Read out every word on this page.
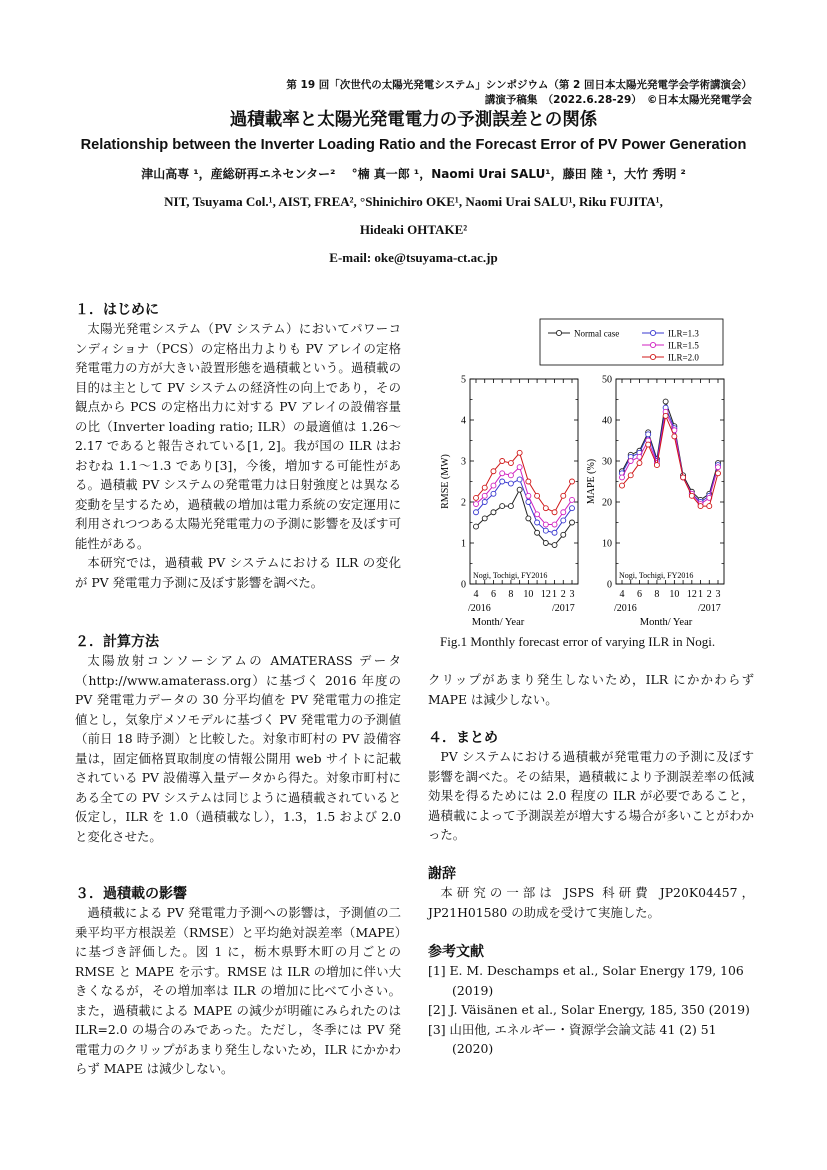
第 19 回「次世代の太陽光発電システム」シンポジウム（第 2 回日本太陽光発電学会学術講演会）
講演予稿集　（2022.6.28-29）　©日本太陽光発電学会
過積載率と太陽光発電電力の予測誤差との関係
Relationship between the Inverter Loading Ratio and the Forecast Error of PV Power Generation
津山高専 ¹，産総研再エネセンター² 　°楠 真一郎 ¹，Naomi Urai SALU¹，藤田 陸 ¹，大竹 秀明 ²
NIT, Tsuyama Col.¹, AIST, FREA², °Shinichiro OKE¹, Naomi Urai SALU¹, Riku FUJITA¹,
Hideaki OHTAKE²
E-mail: oke@tsuyama-ct.ac.jp
１．はじめに

太陽光発電システム（PV システム）においてパワーコンディショナ（PCS）の定格出力よりも PV アレイの定格発電電力の方が大きい設置形態を過積載という。過積載の目的は主として PV システムの経済性の向上であり，その観点から PCS の定格出力に対する PV アレイの設備容量の比（Inverter loading ratio; ILR）の最適値は 1.26〜2.17 であると報告されている[1, 2]。我が国の ILR はおおむね 1.1〜1.3 であり[3]，今後，増加する可能性がある。過積載 PV システムの発電電力は日射強度とは異なる変動を呈するため，過積載の増加は電力系統の安定運用に利用されつつある太陽光発電電力の予測に影響を及ぼす可能性がある。

本研究では，過積載 PV システムにおける ILR の変化が PV 発電電力予測に及ぼす影響を調べた。

２．計算方法

太陽放射コンソーシアムの AMATERASS データ（http://www.amaterass.org）に基づく 2016 年度の PV 発電電力データの 30 分平均値を PV 発電電力の推定値とし，気象庁メソモデルに基づく PV 発電電力の予測値（前日 18 時予測）と比較した。対象市町村の PV 設備容量は，固定価格買取制度の情報公開用 web サイトに記載されている PV 設備導入量データから得た。対象市町村にある全ての PV システムは同じように過積載されていると仮定し，ILR を 1.0（過積載なし），1.3，1.5 および 2.0 と変化させた。

３．過積載の影響

過積載による PV 発電電力予測への影響は，予測値の二乗平均平方根誤差（RMSE）と平均絶対誤差率（MAPE）に基づき評価した。図 1 に，栃木県野木町の月ごとの RMSE と MAPE を示す。RMSE は ILR の増加に伴い大きくなるが，その増加率は ILR の増加に比べて小さい。また，過積載による MAPE の減少が明確にみられたのは ILR=2.0 の場合のみであった。ただし，冬季には PV 発電電力のクリップがあまり発生しないため，ILR にかかわらず MAPE は減少しない。

Normal case	ILR=1.3
ILR=1.5
ILR=2.0
0
1
2
3
4
5
4 6 8 10 12 1 2 3
/2016	/2017
Nogi, Tochigi, FY2016
RMSE (MW)
0
10
20
30
40
50
4 6 8 10 12 1 2 3
/2016	/2017
Nogi, Tochigi, FY2016
MAPE (%)
Month/ Year	Month/ Year
Fig.1 Monthly forecast error of varying ILR in Nogi.

クリップがあまり発生しないため，ILR にかかわらず MAPE は減少しない。

４．まとめ

PV システムにおける過積載が発電電力の予測に及ぼす影響を調べた。その結果，過積載により予測誤差率の低減効果を得るためには 2.0 程度の ILR が必要であること，過積載によって予測誤差が増大する場合が多いことがわかった。

謝辞

本研究の一部は JSPS 科研費 JP20K04457，JP21H01580 の助成を受けて実施した。

参考文献
[1] E. M. Deschamps et al., Solar Energy 179, 106 (2019)
[2] J. Väisänen et al., Solar Energy, 185, 350 (2019)
[3] 山田他, エネルギー・資源学会論文誌 41 (2) 51 (2020)
